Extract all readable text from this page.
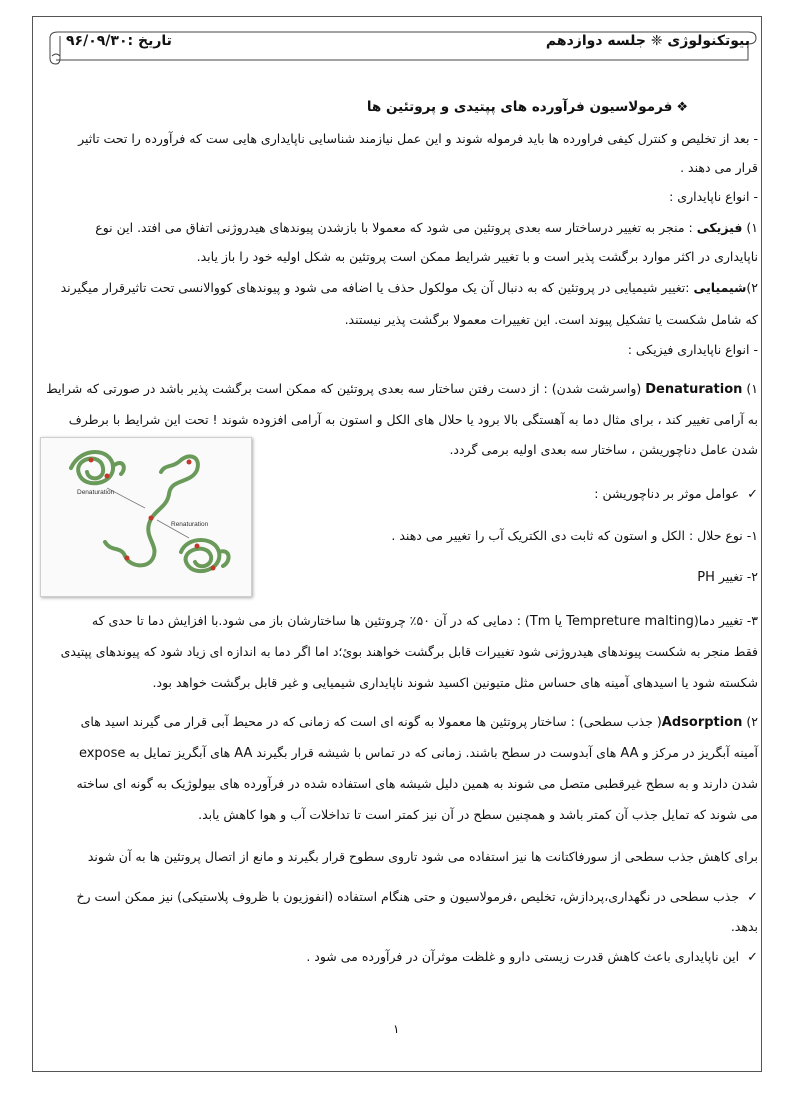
بیوتکنولوژی ❈ جلسه دوازدهم
تاریخ :۹۶/۰۹/۳۰
❖ فرمولاسیون فرآورده های پپتیدی و پروتئین ها
- بعد از تخلیص و کنترل کیفی فراورده ها باید فرموله شوند و این عمل نیازمند شناسایی ناپایداری هایی ست که فرآورده را تحت تاثیر
قرار می دهند .
- انواع ناپایداری :
۱) فیزیکی : منجر به تغییر درساختار سه بعدی پروتئین می شود که معمولا با بازشدن پیوندهای هیدروژنی اتفاق می افتد. این نوع
ناپایداری در اکثر موارد برگشت پذیر است و با تغییر شرایط ممکن است پروتئین به شکل اولیه خود را باز یابد.
۲)شیمیایی :تغییر شیمیایی در پروتئین که به دنبال آن یک مولکول حذف یا اضافه می شود و پیوندهای کووالانسی تحت تاثیرقرار میگیرند
که شامل شکست یا تشکیل پیوند است. این تغییرات معمولا برگشت پذیر نیستند.
- انواع ناپایداری فیزیکی :
۱) Denaturation (واسرشت شدن) : از دست رفتن ساختار سه بعدی پروتئین که ممکن است برگشت پذیر باشد در صورتی که شرایط
به آرامی تغییر کند ، برای مثال دما به آهستگی بالا برود یا حلال های الکل و استون به آرامی افزوده شوند ! تحت این شرایط با برطرف
شدن عامل دناچوریشن ، ساختار سه بعدی اولیه برمی گردد.
Denaturation
Renaturation
✓عوامل موثر بر دناچوریشن :
۱- نوع حلال : الکل و استون که ثابت دی الکتریک آب را تغییر می دهند .
۲- تغییر PH
۳- تغییر دما(Tm یا Tempreture malting) : دمایی که در آن ۵۰٪ چروتئین ها ساختارشان باز می شود.با افزایش دما تا حدی که
فقط منجر به شکست پیوندهای هیدروژنی شود تغییرات قابل برگشت خواهند بوئ؛د اما اگر دما به اندازه ای زیاد شود که پیوندهای پپتیدی
شکسته شود یا اسیدهای آمینه های حساس مثل متیونین اکسید شوند ناپایداری شیمیایی و غیر قابل برگشت خواهد بود.
۲) Adsorption( جذب سطحی) : ساختار پروتئین ها معمولا به گونه ای است که زمانی که در محیط آبی قرار می گیرند اسید های
آمینه آبگریز در مرکز و AA های آبدوست در سطح باشند. زمانی که در تماس با شیشه قرار بگیرند AA های آبگریز تمایل به expose
شدن دارند و به سطح غیرقطبی متصل می شوند به همین دلیل شیشه های استفاده شده در فرآورده های بیولوژیک به گونه ای ساخته
می شوند که تمایل جذب آن کمتر باشد و همچنین سطح در آن نیز کمتر است تا تداخلات آب و هوا کاهش یابد.
برای کاهش جذب سطحی از سورفاکتانت ها نیز استفاده می شود تاروی سطوح قرار بگیرند و مانع از اتصال پروتئین ها به آن شوند
✓جذب سطحی در نگهداری،پردازش، تخلیص ،فرمولاسیون و حتی هنگام استفاده (انفوزیون با ظروف پلاستیکی) نیز ممکن است رخ
بدهد.
✓این ناپایداری باعث کاهش قدرت زیستی دارو و غلظت موثرآن در فرآورده می شود .
۱
